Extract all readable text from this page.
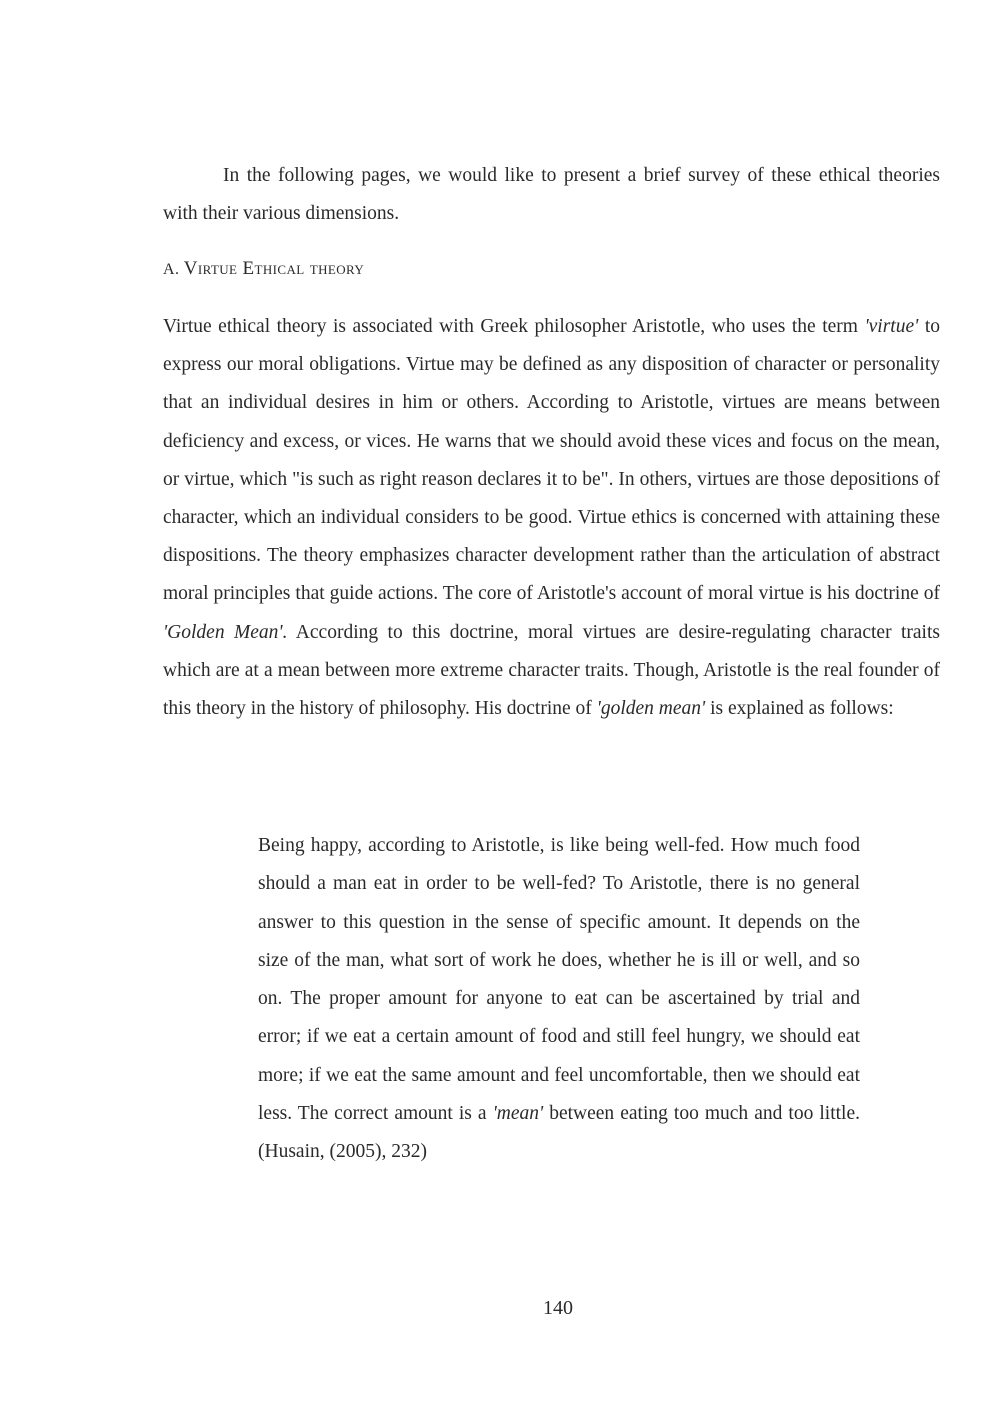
In the following pages, we would like to present a brief survey of these ethical theories with their various dimensions.

A. Virtue Ethical theory

Virtue ethical theory is associated with Greek philosopher Aristotle, who uses the term 'virtue' to express our moral obligations. Virtue may be defined as any disposition of character or personality that an individual desires in him or others. According to Aristotle, virtues are means between deficiency and excess, or vices. He warns that we should avoid these vices and focus on the mean, or virtue, which "is such as right reason declares it to be". In others, virtues are those depositions of character, which an individual considers to be good. Virtue ethics is concerned with attaining these dispositions. The theory emphasizes character development rather than the articulation of abstract moral principles that guide actions. The core of Aristotle's account of moral virtue is his doctrine of 'Golden Mean'. According to this doctrine, moral virtues are desire-regulating character traits which are at a mean between more extreme character traits. Though, Aristotle is the real founder of this theory in the history of philosophy. His doctrine of 'golden mean' is explained as follows:

Being happy, according to Aristotle, is like being well-fed. How much food should a man eat in order to be well-fed? To Aristotle, there is no general answer to this question in the sense of specific amount. It depends on the size of the man, what sort of work he does, whether he is ill or well, and so on. The proper amount for anyone to eat can be ascertained by trial and error; if we eat a certain amount of food and still feel hungry, we should eat more; if we eat the same amount and feel uncomfortable, then we should eat less. The correct amount is a 'mean' between eating too much and too little. (Husain, (2005), 232)

140
